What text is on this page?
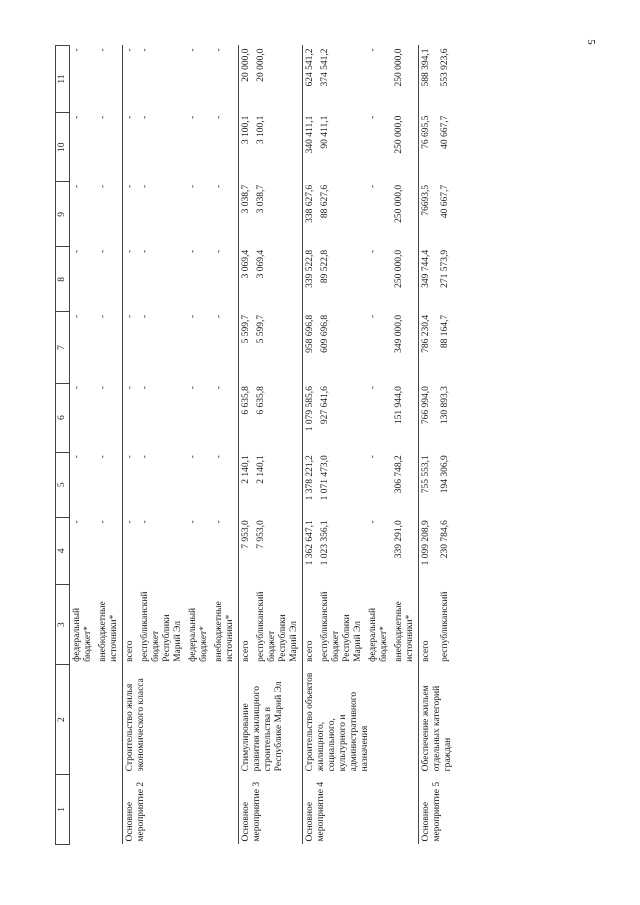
5
1	2	3	4	5	6	7	8	9	10	11
		федеральный бюджет*	-	-	-	-	-	-	-	-
		внебюджетные источники*	-	-	-	-	-	-	-	-
Основное мероприятие 2	Строительство жилья экономического класса	всего	-	-	-	-	-	-	-	-
		республиканский бюджет Республики Марий Эл	-	-	-	-	-	-	-	-
		федеральный бюджет*	-	-	-	-	-	-	-	-
		внебюджетные источники*	-	-	-	-	-	-	-	-
Основное мероприятие 3	Стимулирование развития жилищного строительства в Республике Марий Эл	всего	7 953,0	2 140,1	6 635,8	5 599,7	3 069,4	3 038,7	3 100,1	20 000,0
		республиканский бюджет Республики Марий Эл	7 953,0	2 140,1	6 635,8	5 599,7	3 069,4	3 038,7	3 100,1	20 000,0
Основное мероприятие 4	Строительство объектов жилищного, социального, культурного и административного назначения	всего	1 362 647,1	1 378 221,2	1 079 585,6	958 696,8	339 522,8	338 627,6	340 411,1	624 541,2
		республиканский бюджет Республики Марий Эл	1 023 356,1	1 071 473,0	927 641,6	609 696,8	89 522,8	88 627,6	90 411,1	374 541,2
		федеральный бюджет*	-	-	-	-	-	-	-	-
		внебюджетные источники*	339 291,0	306 748,2	151 944,0	349 000,0	250 000,0	250 000,0	250 000,0	250 000,0
Основное мероприятие 5	Обеспечение жильем отдельных категорий граждан	всего	1 099 208,9	755 553,1	766 994,0	786 230,4	349 744,4	76693,5	76 695,5	588 394,1
		республиканский	230 784,6	194 306,9	130 893,3	88 164,7	271 573,9	40 667,7	40 667,7	553 923,6
